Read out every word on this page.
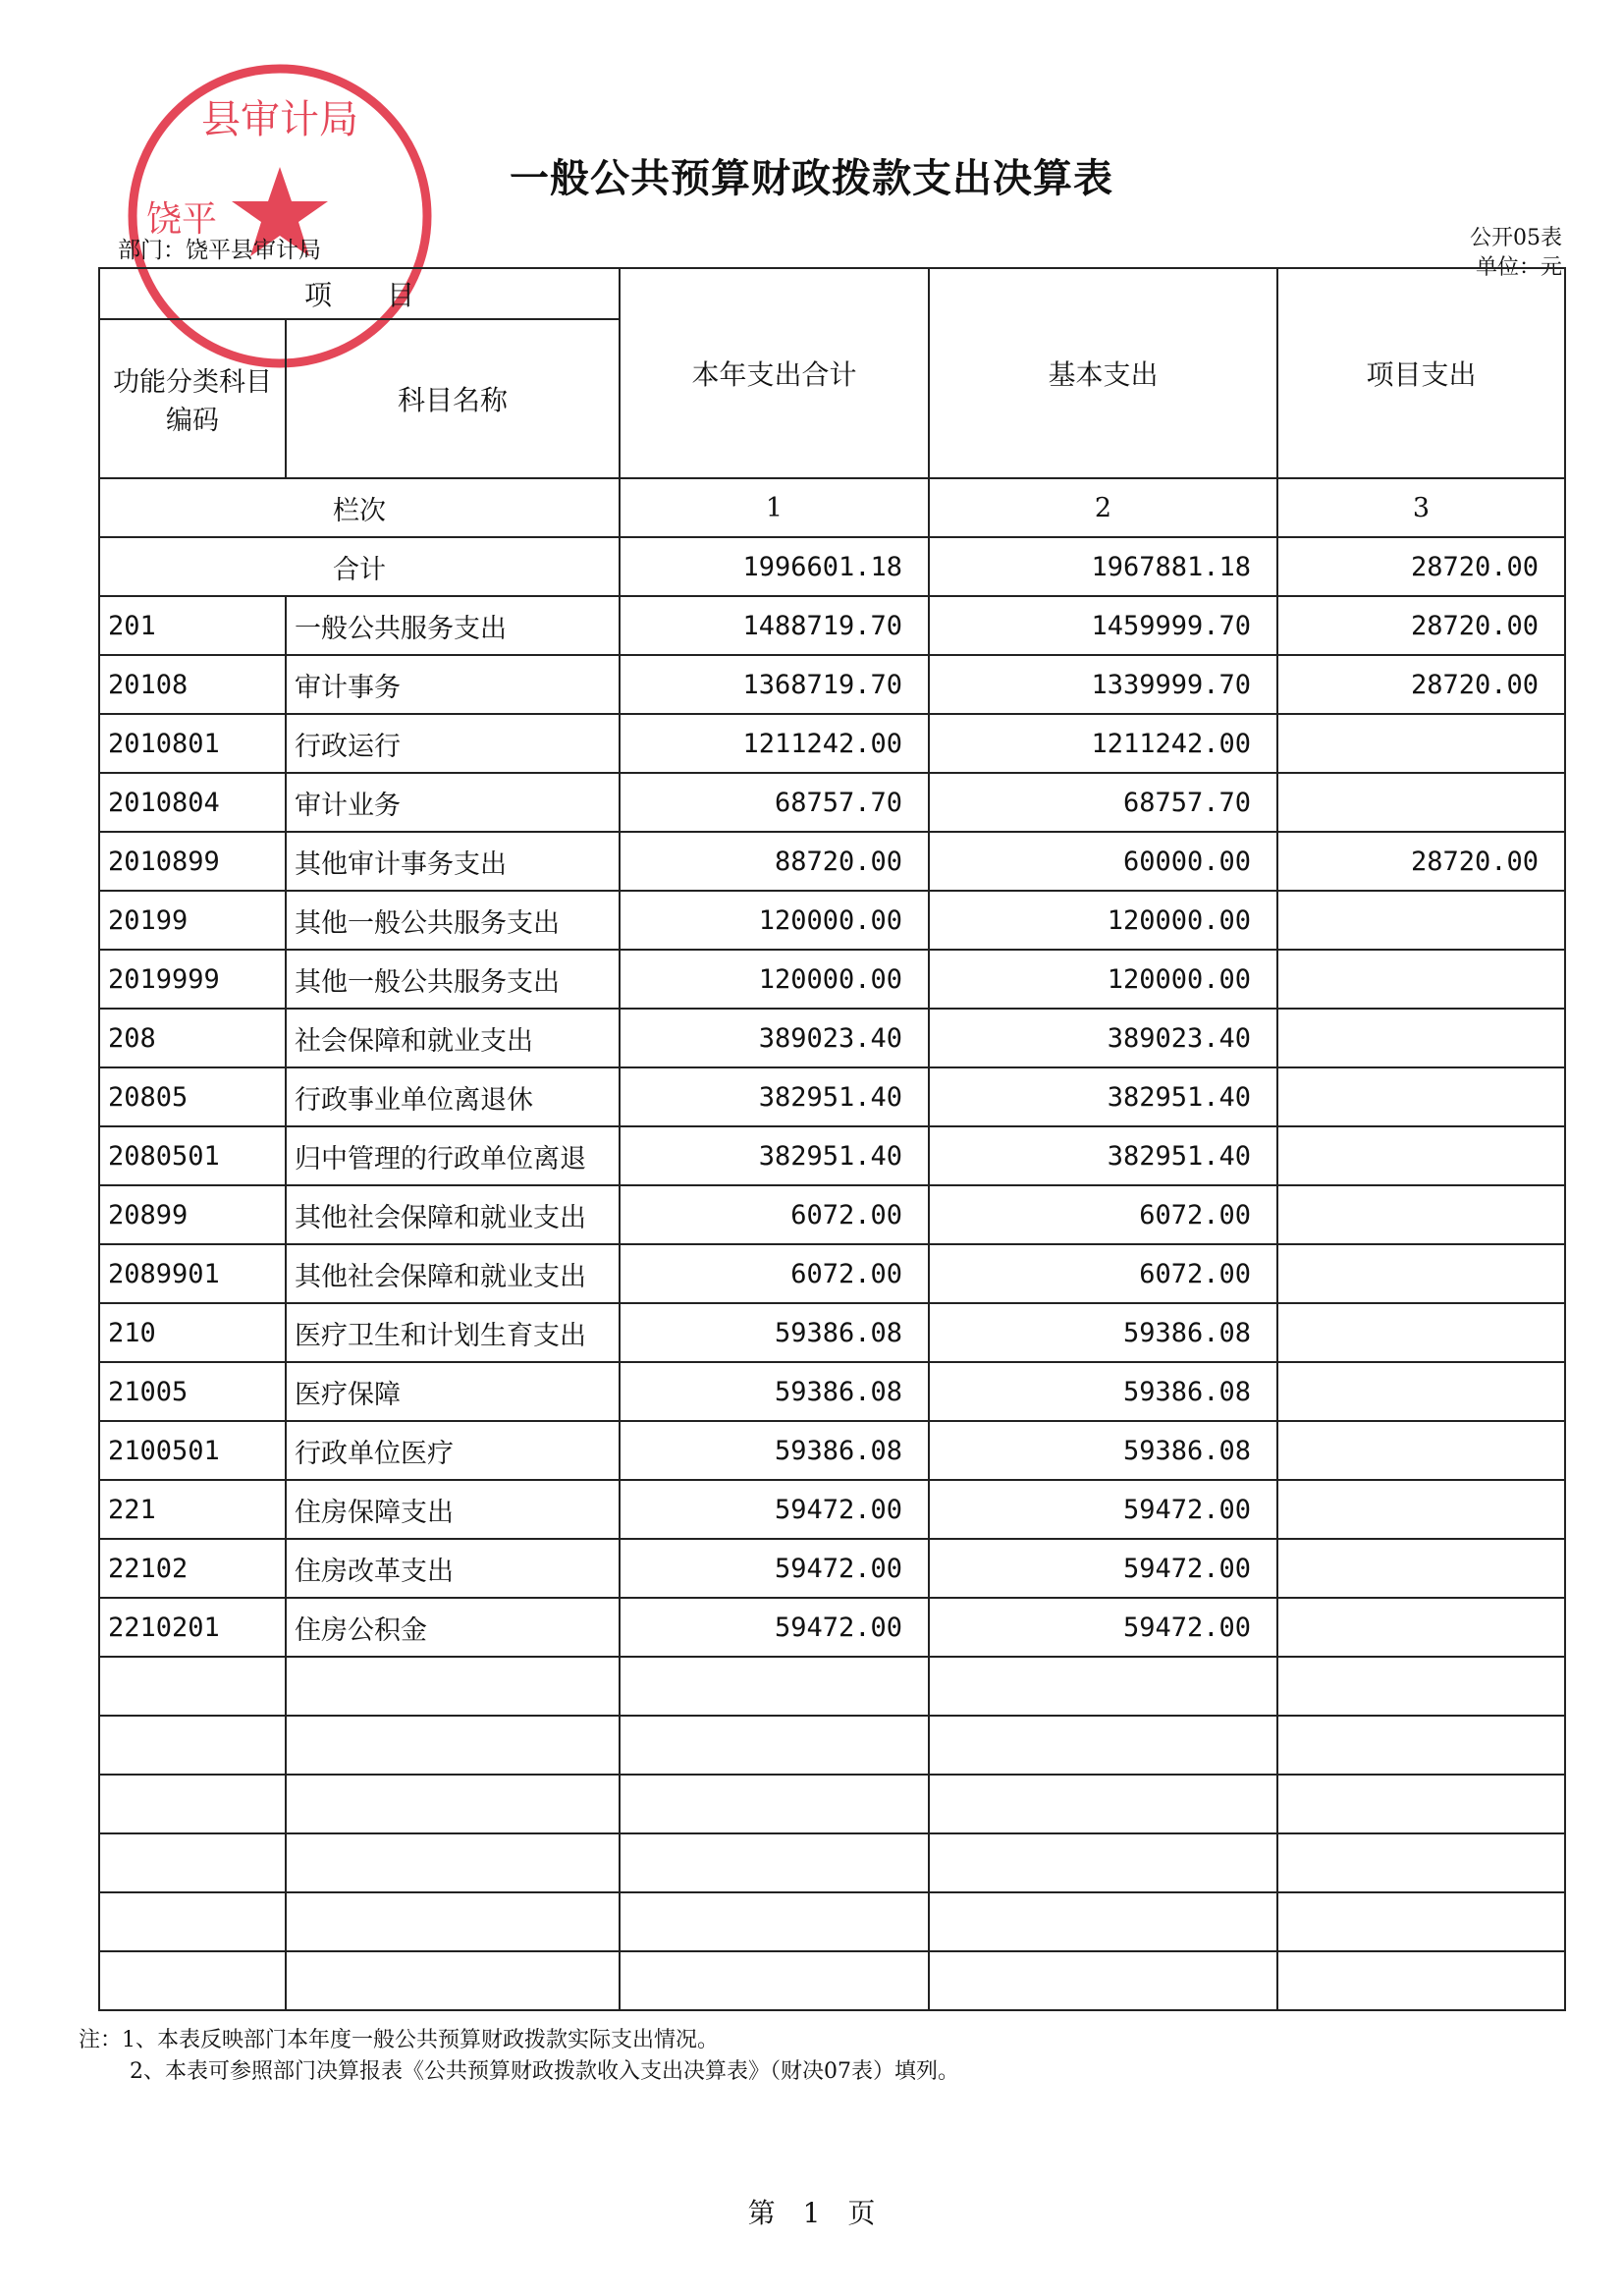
县审计局
饶平
一般公共预算财政拨款支出决算表
部门：饶平县审计局	公开05表
单位：元
项　　目		本年支出合计	基本支出	项目支出
功能分类科目编码	科目名称			
栏次		1	2	3
合计		1996601.18	1967881.18	28720.00
201	一般公共服务支出	1488719.70	1459999.70	28720.00
20108	审计事务	1368719.70	1339999.70	28720.00
2010801	行政运行	1211242.00	1211242.00	
2010804	审计业务	68757.70	68757.70	
2010899	其他审计事务支出	88720.00	60000.00	28720.00
20199	其他一般公共服务支出	120000.00	120000.00	
2019999	其他一般公共服务支出	120000.00	120000.00	
208	社会保障和就业支出	389023.40	389023.40	
20805	行政事业单位离退休	382951.40	382951.40	
2080501	归中管理的行政单位离退	382951.40	382951.40	
20899	其他社会保障和就业支出	6072.00	6072.00	
2089901	其他社会保障和就业支出	6072.00	6072.00	
210	医疗卫生和计划生育支出	59386.08	59386.08	
21005	医疗保障	59386.08	59386.08	
2100501	行政单位医疗	59386.08	59386.08	
221	住房保障支出	59472.00	59472.00	
22102	住房改革支出	59472.00	59472.00	
2210201	住房公积金	59472.00	59472.00	

注：1、本表反映部门本年度一般公共预算财政拨款实际支出情况。
2、本表可参照部门决算报表《公共预算财政拨款收入支出决算表》（财决07表）填列。
第　1　页
